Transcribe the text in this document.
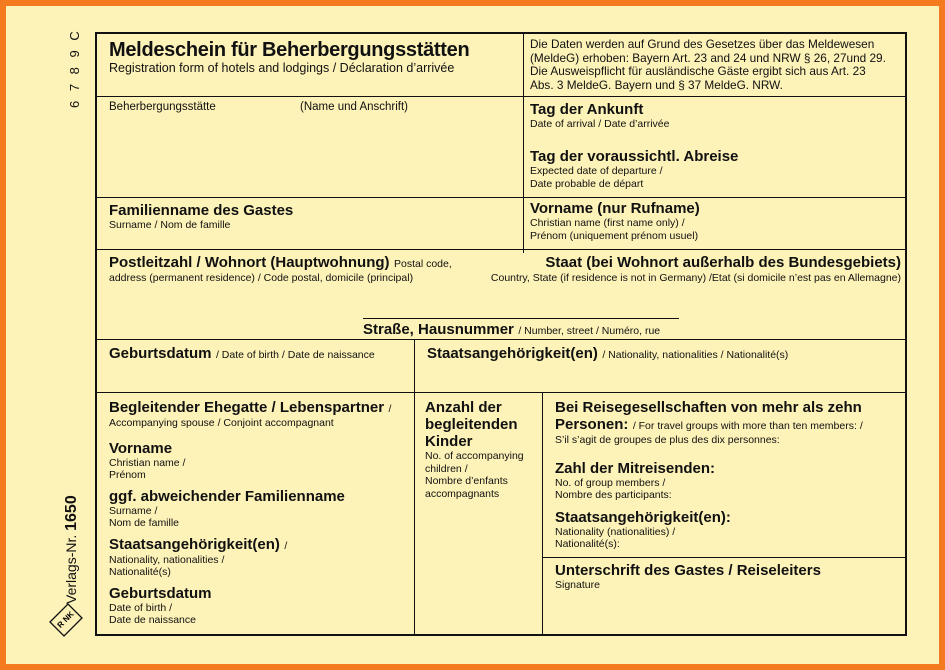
6 7 8 9 C
Verlags-Nr. 1650
R NK
Meldeschein für Beherbergungsstätten
Registration form of hotels and lodgings / Déclaration d’arrivée
Die Daten werden auf Grund des Gesetzes über das Meldewesen
(MeldeG) erhoben: Bayern Art. 23 and 24 und NRW § 26, 27und 29.
Die Ausweispflicht für ausländische Gäste ergibt sich aus Art. 23
Abs. 3 MeldeG. Bayern und § 37 MeldeG. NRW.
Beherbergungsstätte	(Name und Anschrift)	Tag der Ankunft
Date of arrival / Date d’arrivée
Tag der voraussichtl. Abreise
Expected date of departure /
Date probable de départ
Familienname des Gastes
Surname / Nom de famille
Vorname (nur Rufname)
Christian name (first name only) /
Prénom (uniquement prénom usuel)
Postleitzahl / Wohnort (Hauptwohnung) Postal code,
address (permanent residence) / Code postal, domicile (principal)
Staat (bei Wohnort außerhalb des Bundesgebiets)
Country, State (if residence is not in Germany) /Etat (si domicile n’est pas en Allemagne)
Straße, Hausnummer / Number, street / Numéro, rue
Geburtsdatum / Date of birth / Date de naissance	Staatsangehörigkeit(en) / Nationality, nationalities / Nationalité(s)
Begleitender Ehegatte / Lebenspartner /
Accompanying spouse / Conjoint accompagnant
Vorname
Christian name /
Prénom
ggf. abweichender Familienname
Surname /
Nom de famille
Staatsangehörigkeit(en) /
Nationality, nationalities /
Nationalité(s)
Geburtsdatum
Date of birth /
Date de naissance
Anzahl der
begleitenden
Kinder
No. of accompanying
children /
Nombre d’enfants
accompagnants
Bei Reisegesellschaften von mehr als zehn
Personen: / For travel groups with more than ten members: /
S’il s’agit de groupes de plus des dix personnes:
Zahl der Mitreisenden:
No. of group members /
Nombre des participants:
Staatsangehörigkeit(en):
Nationality (nationalities) /
Nationalité(s):
Unterschrift des Gastes / Reiseleiters
Signature
